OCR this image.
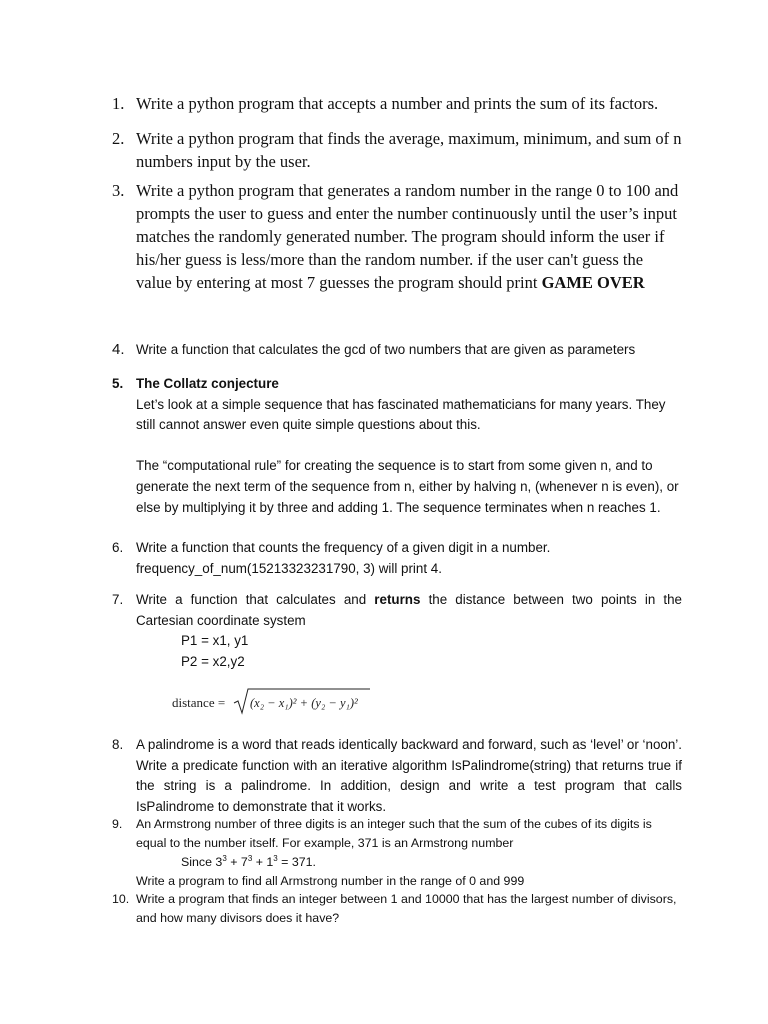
1. Write a python program that accepts a number and prints the sum of its factors.
2. Write a python program that finds the average, maximum, minimum, and sum of n numbers input by the user.
3. Write a python program that generates a random number in the range 0 to 100 and prompts the user to guess and enter the number continuously until the user’s input matches the randomly generated number. The program should inform the user if his/her guess is less/more than the random number. if the user can't guess the value by entering at most 7 guesses the program should print GAME OVER
4. Write a function that calculates the gcd of two numbers that are given as parameters
5. The Collatz conjecture

Let’s look at a simple sequence that has fascinated mathematicians for many years. They still cannot answer even quite simple questions about this.

The “computational rule” for creating the sequence is to start from some given n, and to generate the next term of the sequence from n, either by halving n, (whenever n is even), or else by multiplying it by three and adding 1. The sequence terminates when n reaches 1.

6. Write a function that counts the frequency of a given digit in a number.

frequency_of_num(15213323231790, 3) will print 4.

7. Write a function that calculates and returns the distance between two points in the Cartesian coordinate system

P1 = x1, y1

P2 = x2,y2

distance = (x₂ − x₁)² + (y₂ − y₁)²
8. A palindrome is a word that reads identically backward and forward, such as ‘level’ or ‘noon’. Write a predicate function with an iterative algorithm IsPalindrome(string) that returns true if the string is a palindrome. In addition, design and write a test program that calls IsPalindrome to demonstrate that it works.
9.	An Armstrong number of three digits is an integer such that the sum of the cubes of its digits is equal to the number itself. For example, 371 is an Armstrong number

Since $3^3 + 7^3 + 1^3 = 371$.

Write a program to find all Armstrong number in the range of 0 and 999

10. Write a program that finds an integer between 1 and 10000 that has the largest number of divisors, and how many divisors does it have?
